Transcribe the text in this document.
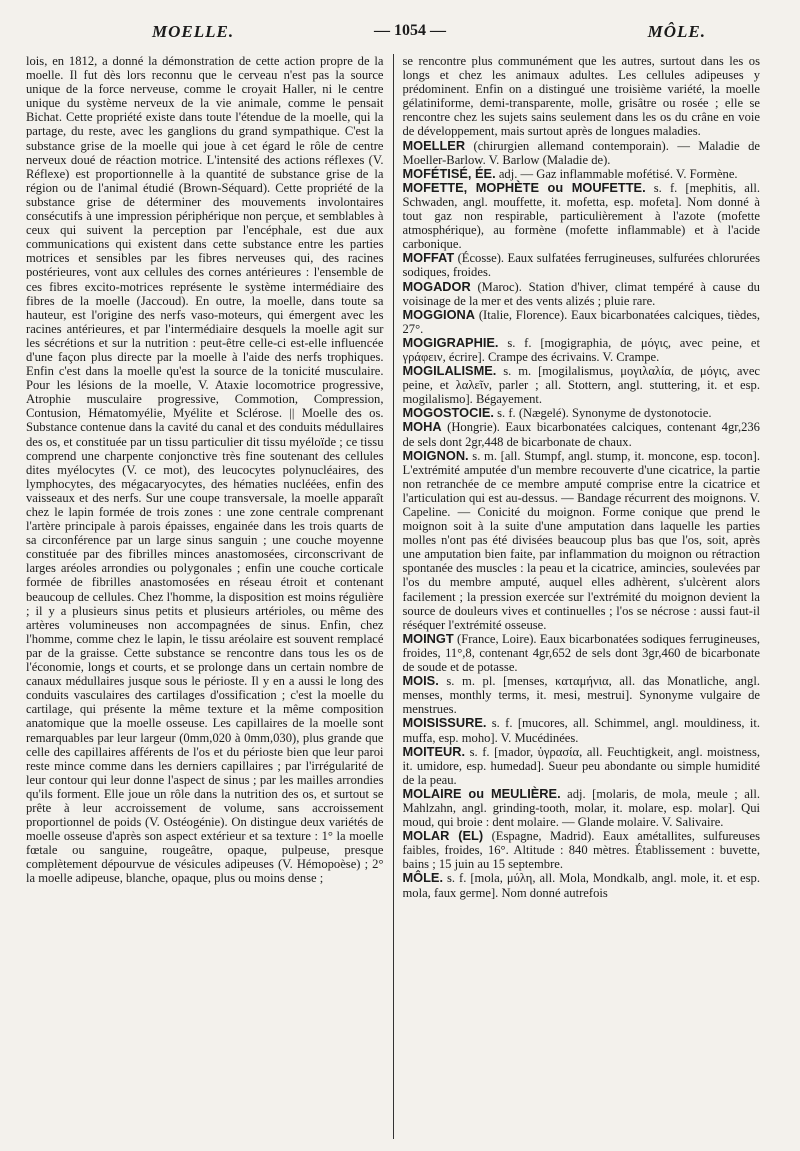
MOELLE.	— 1054 —	MÔLE.

lois, en 1812, a donné la démonstration de cette action propre de la moelle. Il fut dès lors reconnu que le cerveau n'est pas la source unique de la force nerveuse, comme le croyait Haller, ni le centre unique du système nerveux de la vie animale, comme le pensait Bichat. Cette propriété existe dans toute l'étendue de la moelle, qui la partage, du reste, avec les ganglions du grand sympathique. C'est la substance grise de la moelle qui joue à cet égard le rôle de centre nerveux doué de réaction motrice. L'intensité des actions réflexes (V. Réflexe) est proportionnelle à la quantité de substance grise de la région ou de l'animal étudié (Brown-Séquard). Cette propriété de la substance grise de déterminer des mouvements involontaires consécutifs à une impression périphérique non perçue, et semblables à ceux qui suivent la perception par l'encéphale, est due aux communications qui existent dans cette substance entre les parties motrices et sensibles par les fibres nerveuses qui, des racines postérieures, vont aux cellules des cornes antérieures : l'ensemble de ces fibres excito-motrices représente le système intermédiaire des fibres de la moelle (Jaccoud). En outre, la moelle, dans toute sa hauteur, est l'origine des nerfs vaso-moteurs, qui émergent avec les racines antérieures, et par l'intermédiaire desquels la moelle agit sur les sécrétions et sur la nutrition : peut-être celle-ci est-elle influencée d'une façon plus directe par la moelle à l'aide des nerfs trophiques. Enfin c'est dans la moelle qu'est la source de la tonicité musculaire. Pour les lésions de la moelle, V. Ataxie locomotrice progressive, Atrophie musculaire progressive, Commotion, Compression, Contusion, Hématomyélie, Myélite et Sclérose. || Moelle des os. Substance contenue dans la cavité du canal et des conduits médullaires des os, et constituée par un tissu particulier dit tissu myéloïde ; ce tissu comprend une charpente conjonctive très fine soutenant des cellules dites myélocytes (V. ce mot), des leucocytes polynucléaires, des lymphocytes, des mégacaryocytes, des hématies nucléées, enfin des vaisseaux et des nerfs. Sur une coupe transversale, la moelle apparaît chez le lapin formée de trois zones : une zone centrale comprenant l'artère principale à parois épaisses, engainée dans les trois quarts de sa circonférence par un large sinus sanguin ; une couche moyenne constituée par des fibrilles minces anastomosées, circonscrivant de larges aréoles arrondies ou polygonales ; enfin une couche corticale formée de fibrilles anastomosées en réseau étroit et contenant beaucoup de cellules. Chez l'homme, la disposition est moins régulière ; il y a plusieurs sinus petits et plusieurs artérioles, ou même des artères volumineuses non accompagnées de sinus. Enfin, chez l'homme, comme chez le lapin, le tissu aréolaire est souvent remplacé par de la graisse. Cette substance se rencontre dans tous les os de l'économie, longs et courts, et se prolonge dans un certain nombre de canaux médullaires jusque sous le périoste. Il y en a aussi le long des conduits vasculaires des cartilages d'ossification ; c'est la moelle du cartilage, qui présente la même texture et la même composition anatomique que la moelle osseuse. Les capillaires de la moelle sont remarquables par leur largeur (0mm,020 à 0mm,030), plus grande que celle des capillaires afférents de l'os et du périoste bien que leur paroi reste mince comme dans les derniers capillaires ; par l'irrégularité de leur contour qui leur donne l'aspect de sinus ; par les mailles arrondies qu'ils forment. Elle joue un rôle dans la nutrition des os, et surtout se prête à leur accroissement de volume, sans accroissement proportionnel de poids (V. Ostéogénie). On distingue deux variétés de moelle osseuse d'après son aspect extérieur et sa texture : 1° la moelle fœtale ou sanguine, rougeâtre, opaque, pulpeuse, presque complètement dépourvue de vésicules adipeuses (V. Hémopoèse) ; 2° la moelle adipeuse, blanche, opaque, plus ou moins dense ;

se rencontre plus communément que les autres, surtout dans les os longs et chez les animaux adultes. Les cellules adipeuses y prédominent. Enfin on a distingué une troisième variété, la moelle gélatiniforme, demi-transparente, molle, grisâtre ou rosée ; elle se rencontre chez les sujets sains seulement dans les os du crâne en voie de développement, mais surtout après de longues maladies.

MOELLER (chirurgien allemand contemporain). — Maladie de Moeller-Barlow. V. Barlow (Maladie de).

MOFÉTISÉ, ÉE. adj. — Gaz inflammable mofétisé. V. Formène.

MOFETTE, MOPHÈTE ou MOUFETTE. s. f. [mephitis, all. Schwaden, angl. mouffette, it. mofetta, esp. mofeta]. Nom donné à tout gaz non respirable, particulièrement à l'azote (mofette atmosphérique), au formène (mofette inflammable) et à l'acide carbonique.

MOFFAT (Écosse). Eaux sulfatées ferrugineuses, sulfurées chlorurées sodiques, froides.

MOGADOR (Maroc). Station d'hiver, climat tempéré à cause du voisinage de la mer et des vents alizés ; pluie rare.

MOGGIONA (Italie, Florence). Eaux bicarbonatées calciques, tièdes, 27°.

MOGIGRAPHIE. s. f. [mogigraphia, de μόγις, avec peine, et γράφειν, écrire]. Crampe des écrivains. V. Crampe.

MOGILALISME. s. m. [mogilalismus, μογιλαλία, de μόγις, avec peine, et λαλεῖν, parler ; all. Stottern, angl. stuttering, it. et esp. mogilalismo]. Bégayement.

MOGOSTOCIE. s. f. (Nægelé). Synonyme de dystonotocie.

MOHA (Hongrie). Eaux bicarbonatées calciques, contenant 4gr,236 de sels dont 2gr,448 de bicarbonate de chaux.

MOIGNON. s. m. [all. Stumpf, angl. stump, it. moncone, esp. tocon]. L'extrémité amputée d'un membre recouverte d'une cicatrice, la partie non retranchée de ce membre amputé comprise entre la cicatrice et l'articulation qui est au-dessus. — Bandage récurrent des moignons. V. Capeline. — Conicité du moignon. Forme conique que prend le moignon soit à la suite d'une amputation dans laquelle les parties molles n'ont pas été divisées beaucoup plus bas que l'os, soit, après une amputation bien faite, par inflammation du moignon ou rétraction spontanée des muscles : la peau et la cicatrice, amincies, soulevées par l'os du membre amputé, auquel elles adhèrent, s'ulcèrent alors facilement ; la pression exercée sur l'extrémité du moignon devient la source de douleurs vives et continuelles ; l'os se nécrose : aussi faut-il réséquer l'extrémité osseuse.

MOINGT (France, Loire). Eaux bicarbonatées sodiques ferrugineuses, froides, 11°,8, contenant 4gr,652 de sels dont 3gr,460 de bicarbonate de soude et de potasse.

MOIS. s. m. pl. [menses, καταμήνια, all. das Monatliche, angl. menses, monthly terms, it. mesi, mestrui]. Synonyme vulgaire de menstrues.

MOISISSURE. s. f. [mucores, all. Schimmel, angl. mouldiness, it. muffa, esp. moho]. V. Mucédinées.

MOITEUR. s. f. [mador, ὑγρασία, all. Feuchtigkeit, angl. moistness, it. umidore, esp. humedad]. Sueur peu abondante ou simple humidité de la peau.

MOLAIRE ou MEULIÈRE. adj. [molaris, de mola, meule ; all. Mahlzahn, angl. grinding-tooth, molar, it. molare, esp. molar]. Qui moud, qui broie : dent molaire. — Glande molaire. V. Salivaire.

MOLAR (EL) (Espagne, Madrid). Eaux amétallites, sulfureuses faibles, froides, 16°. Altitude : 840 mètres. Établissement : buvette, bains ; 15 juin au 15 septembre.

MÔLE. s. f. [mola, μύλη, all. Mola, Mondkalb, angl. mole, it. et esp. mola, faux germe]. Nom donné autrefois
